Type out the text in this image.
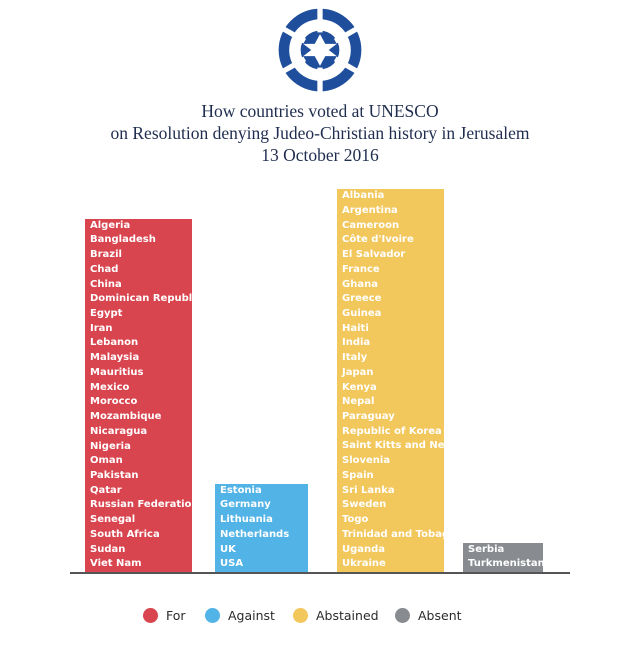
How countries voted at UNESCO
on Resolution denying Judeo-Christian history in Jerusalem
13 October 2016
Algeria
Bangladesh
Brazil
Chad
China
Dominican Republic
Egypt
Iran
Lebanon
Malaysia
Mauritius
Mexico
Morocco
Mozambique
Nicaragua
Nigeria
Oman
Pakistan
Qatar
Russian Federation
Senegal
South Africa
Sudan
Viet Nam
Estonia
Germany
Lithuania
Netherlands
UK
USA
Albania
Argentina
Cameroon
Côte d'Ivoire
El Salvador
France
Ghana
Greece
Guinea
Haiti
India
Italy
Japan
Kenya
Nepal
Paraguay
Republic of Korea
Saint Kitts and Nevis
Slovenia
Spain
Sri Lanka
Sweden
Togo
Trinidad and Tobago
Uganda
Ukraine
Serbia
Turkmenistan
For	Against	Abstained	Absent
